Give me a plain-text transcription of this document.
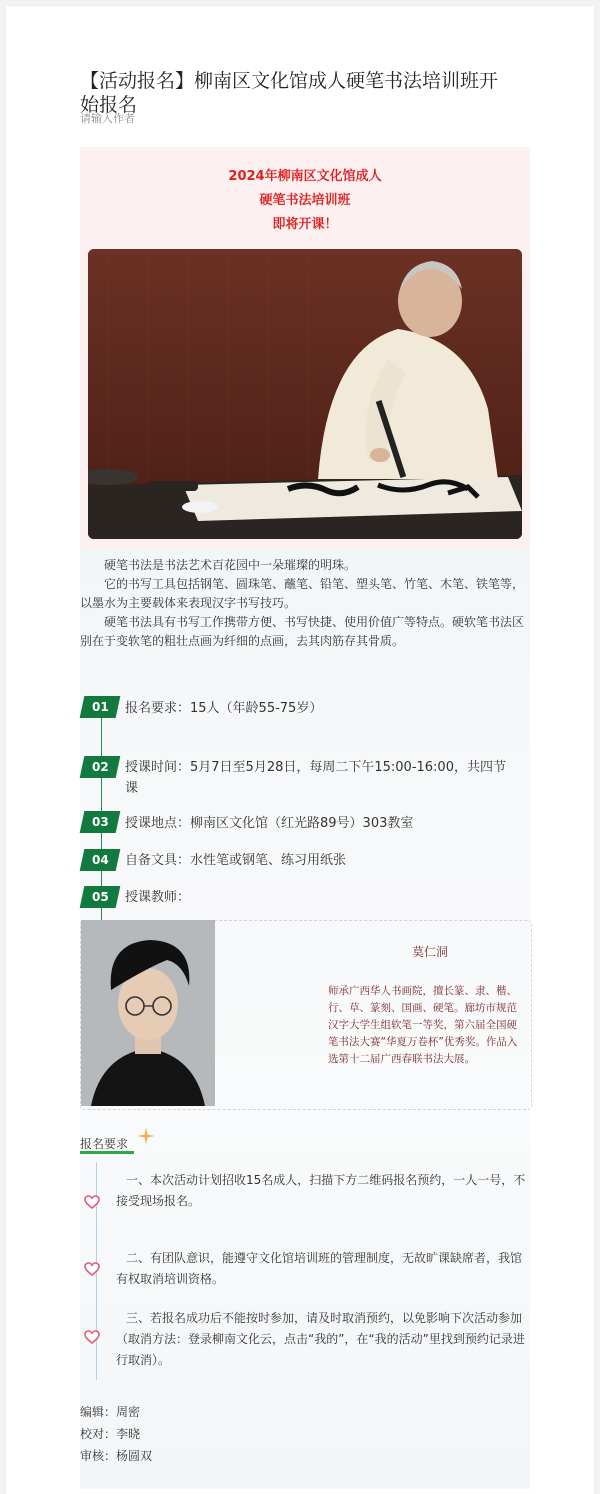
【活动报名】柳南区文化馆成人硬笔书法培训班开始报名
请输入作者
2024年柳南区文化馆成人
硬笔书法培训班
即将开课！

硬笔书法是书法艺术百花园中一朵璀璨的明珠。

它的书写工具包括钢笔、圆珠笔、蘸笔、铅笔、塑头笔、竹笔、木笔、铁笔等，以墨水为主要载体来表现汉字书写技巧。

硬笔书法具有书写工作携带方便、书写快捷、使用价值广等特点。硬软笔书法区别在于变软笔的粗壮点画为纤细的点画，去其肉筋存其骨质。

01	报名要求：15人（年龄55-75岁）
02	授课时间：5月7日至5月28日，每周二下午15:00-16:00，共四节课
03	授课地点：柳南区文化馆（红光路89号）303教室
04	自备文具：水性笔或钢笔、练习用纸张
05	授课教师：
莫仁洞
师承广西华人书画院，擅长篆、隶、楷、行、草、篆刻、国画、硬笔。廊坊市规范汉字大学生组软笔一等奖，第六届全国硬笔书法大赛“华夏万卷杯”优秀奖。作品入选第十二届广西春联书法大展。
报名要求
一、本次活动计划招收15名成人，扫描下方二维码报名预约，一人一号，不接受现场报名。
二、有团队意识，能遵守文化馆培训班的管理制度，无故旷课缺席者，我馆有权取消培训资格。
三、若报名成功后不能按时参加，请及时取消预约，以免影响下次活动参加（取消方法：登录柳南文化云，点击“我的”，在“我的活动”里找到预约记录进行取消）。
编辑：周密
校对：李晓
审核：杨圆双
